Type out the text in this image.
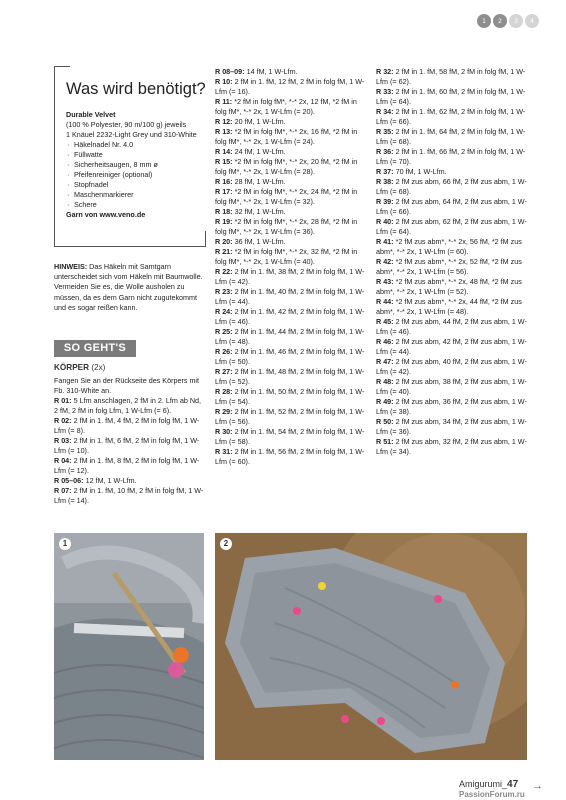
1	2	3	4
Was wird benötigt?
Durable Velvet
(100 % Polyester, 90 m/100 g) jeweils
1 Knäuel 2232-Light Grey und 310-White
· Häkelnadel Nr. 4.0
· Füllwatte
· Sicherheitsaugen, 8 mm ø
· Pfeifenreiniger (optional)
· Stopfnadel
· Maschenmarkierer
· Schere
Garn von www.veno.de
HINWEIS: Das Häkeln mit Samtgarn unterscheidet sich vom Häkeln mit Baumwolle. Vermeiden Sie es, die Wolle ausholen zu müssen, da es dem Garn nicht zugutekommt und es sogar reißen kann.
SO GEHT'S
KÖRPER (2x)

Fangen Sie an der Rückseite des Körpers mit Fb. 310-White an.

R 01: 5 Lfm anschlagen, 2 fM in 2. Lfm ab Nd, 2 fM, 2 fM in folg Lfm, 1 W-Lfm (= 6).

R 02: 2 fM in 1. fM, 4 fM, 2 fM in folg fM, 1 W-Lfm (= 8).

R 03: 2 fM in 1. fM, 6 fM, 2 fM in folg fM, 1 W-Lfm (= 10).

R 04: 2 fM in 1. fM, 8 fM, 2 fM in folg fM, 1 W-Lfm (= 12).

R 05–06: 12 fM, 1 W-Lfm.

R 07: 2 fM in 1. fM, 10 fM, 2 fM in folg fM, 1 W-Lfm (= 14).

R 08–09: 14 fM, 1 W-Lfm.

R 10: 2 fM in 1. fM, 12 fM, 2 fM in folg fM, 1 W-Lfm (= 16).

R 11: *2 fM in folg fM*, *-* 2x, 12 fM, *2 fM in folg fM*, *-* 2x, 1 W-Lfm (= 20).

R 12: 20 fM, 1 W-Lfm.

R 13: *2 fM in folg fM*, *-* 2x, 16 fM, *2 fM in folg fM*, *-* 2x, 1 W-Lfm (= 24).

R 14: 24 fM, 1 W-Lfm.

R 15: *2 fM in folg fM*, *-* 2x, 20 fM, *2 fM in folg fM*, *-* 2x, 1 W-Lfm (= 28).

R 16: 28 fM, 1 W-Lfm.

R 17: *2 fM in folg fM*, *-* 2x, 24 fM, *2 fM in folg fM*, *-* 2x, 1 W-Lfm (= 32).

R 18: 32 fM, 1 W-Lfm.

R 19: *2 fM in folg fM*, *-* 2x, 28 fM, *2 fM in folg fM*, *-* 2x, 1 W-Lfm (= 36).

R 20: 36 fM, 1 W-Lfm.

R 21: *2 fM in folg fM*, *-* 2x, 32 fM, *2 fM in folg fM*, *-* 2x, 1 W-Lfm (= 40).

R 22: 2 fM in 1. fM, 38 fM, 2 fM in folg fM, 1 W-Lfm (= 42).

R 23: 2 fM in 1. fM, 40 fM, 2 fM in folg fM, 1 W-Lfm (= 44).

R 24: 2 fM in 1. fM, 42 fM, 2 fM in folg fM, 1 W-Lfm (= 46).

R 25: 2 fM in 1. fM, 44 fM, 2 fM in folg fM, 1 W-Lfm (= 48).

R 26: 2 fM in 1. fM, 46 fM, 2 fM in folg fM, 1 W-Lfm (= 50).

R 27: 2 fM in 1. fM, 48 fM, 2 fM in folg fM, 1 W-Lfm (= 52).

R 28: 2 fM in 1. fM, 50 fM, 2 fM in folg fM, 1 W-Lfm (= 54).

R 29: 2 fM in 1. fM, 52 fM, 2 fM in folg fM, 1 W-Lfm (= 56).

R 30: 2 fM in 1. fM, 54 fM, 2 fM in folg fM, 1 W-Lfm (= 58).

R 31: 2 fM in 1. fM, 56 fM, 2 fM in folg fM, 1 W-Lfm (= 60).

R 32: 2 fM in 1. fM, 58 fM, 2 fM in folg fM, 1 W-Lfm (= 62).

R 33: 2 fM in 1. fM, 60 fM, 2 fM in folg fM, 1 W-Lfm (= 64).

R 34: 2 fM in 1. fM, 62 fM, 2 fM in folg fM, 1 W-Lfm (= 66).

R 35: 2 fM in 1. fM, 64 fM, 2 fM in folg fM, 1 W-Lfm (= 68).

R 36: 2 fM in 1. fM, 66 fM, 2 fM in folg fM, 1 W-Lfm (= 70).

R 37: 70 fM, 1 W-Lfm.

R 38: 2 fM zus abm, 66 fM, 2 fM zus abm, 1 W-Lfm (= 68).

R 39: 2 fM zus abm, 64 fM, 2 fM zus abm, 1 W-Lfm (= 66).

R 40: 2 fM zus abm, 62 fM, 2 fM zus abm, 1 W-Lfm (= 64).

R 41: *2 fM zus abm*, *-* 2x, 56 fM, *2 fM zus abm*, *-* 2x, 1 W-Lfm (= 60).

R 42: *2 fM zus abm*, *-* 2x, 52 fM, *2 fM zus abm*, *-* 2x, 1 W-Lfm (= 56).

R 43: *2 fM zus abm*, *-* 2x, 48 fM, *2 fM zus abm*, *-* 2x, 1 W-Lfm (= 52).

R 44: *2 fM zus abm*, *-* 2x, 44 fM, *2 fM zus abm*, *-* 2x, 1 W-Lfm (= 48).

R 45: 2 fM zus abm, 44 fM, 2 fM zus abm, 1 W-Lfm (= 46).

R 46: 2 fM zus abm, 42 fM, 2 fM zus abm, 1 W-Lfm (= 44).

R 47: 2 fM zus abm, 40 fM, 2 fM zus abm, 1 W-Lfm (= 42).

R 48: 2 fM zus abm, 38 fM, 2 fM zus abm, 1 W-Lfm (= 40).

R 49: 2 fM zus abm, 36 fM, 2 fM zus abm, 1 W-Lfm (= 38).

R 50: 2 fM zus abm, 34 fM, 2 fM zus abm, 1 W-Lfm (= 36).

R 51: 2 fM zus abm, 32 fM, 2 fM zus abm, 1 W-Lfm (= 34).

1	2
→
Amigurumi_47
PassionForum.ru
